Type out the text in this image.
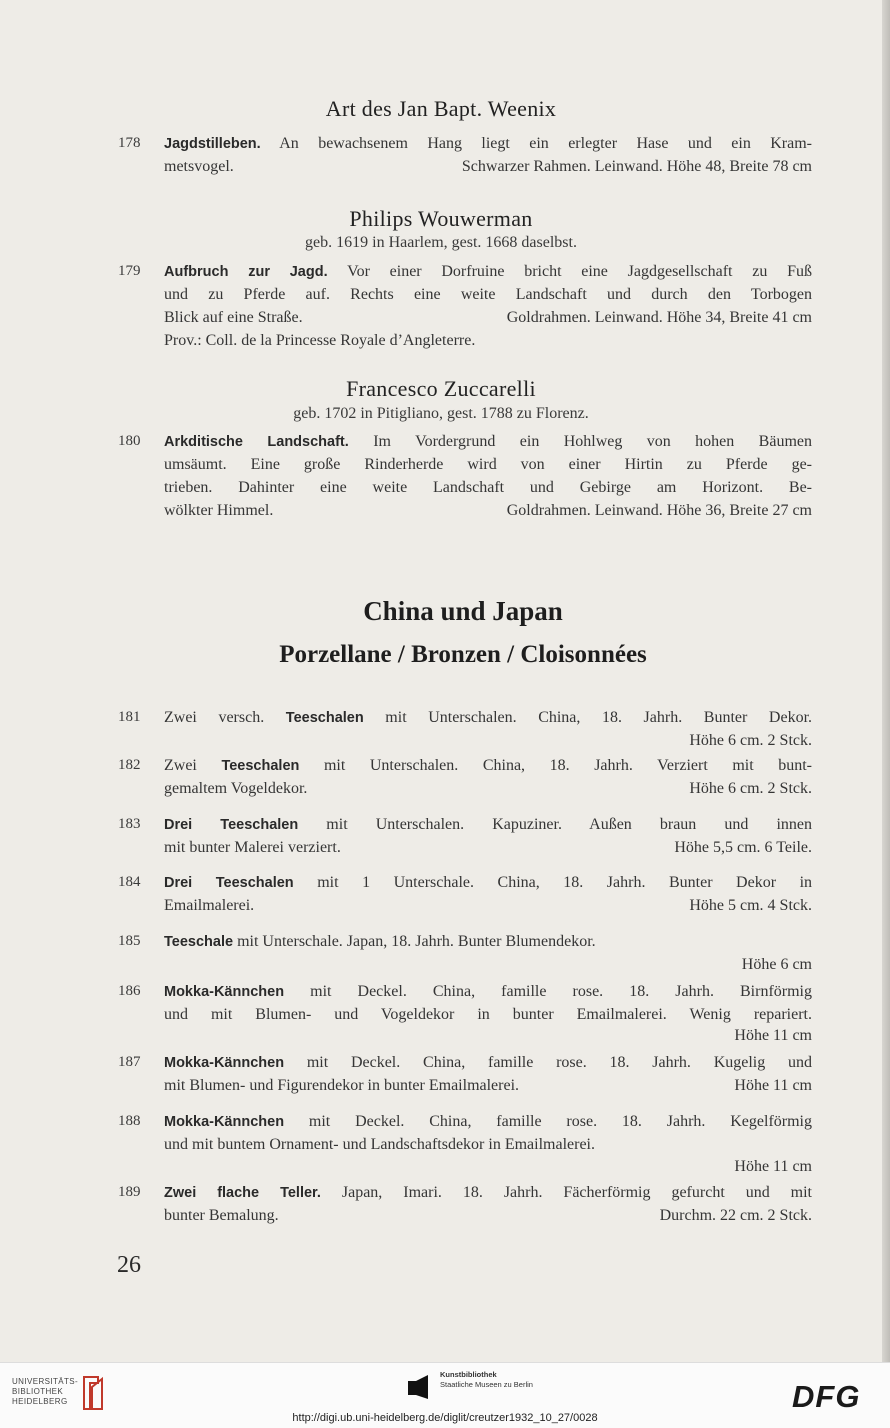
Art des Jan Bapt. Weenix
178 Jagdstilleben. An bewachsenem Hang liegt ein erlegter Hase und ein Kram-
metsvogel.	Schwarzer Rahmen. Leinwand. Höhe 48, Breite 78 cm
Philips Wouwerman
geb. 1619 in Haarlem, gest. 1668 daselbst.
179 Aufbruch zur Jagd. Vor einer Dorfruine bricht eine Jagdgesellschaft zu Fuß
und zu Pferde auf. Rechts eine weite Landschaft und durch den Torbogen
Blick auf eine Straße.	Goldrahmen. Leinwand. Höhe 34, Breite 41 cm
Prov.: Coll. de la Princesse Royale d’Angleterre.
Francesco Zuccarelli
geb. 1702 in Pitigliano, gest. 1788 zu Florenz.
180 Arkditische Landschaft. Im Vordergrund ein Hohlweg von hohen Bäumen
umsäumt. Eine große Rinderherde wird von einer Hirtin zu Pferde ge-
trieben. Dahinter eine weite Landschaft und Gebirge am Horizont. Be-
wölkter Himmel.	Goldrahmen. Leinwand. Höhe 36, Breite 27 cm
China und Japan
Porzellane / Bronzen / Cloisonnées
181 Zwei versch. Teeschalen mit Unterschalen. China, 18. Jahrh. Bunter Dekor.
Höhe 6 cm. 2 Stck.
182 Zwei Teeschalen mit Unterschalen. China, 18. Jahrh. Verziert mit bunt-
gemaltem Vogeldekor.	Höhe 6 cm. 2 Stck.
183 Drei Teeschalen mit Unterschalen. Kapuziner. Außen braun und innen
mit bunter Malerei verziert.	Höhe 5,5 cm. 6 Teile.
184 Drei Teeschalen mit 1 Unterschale. China, 18. Jahrh. Bunter Dekor in
Emailmalerei.	Höhe 5 cm. 4 Stck.
185 Teeschale mit Unterschale. Japan, 18. Jahrh. Bunter Blumendekor.
Höhe 6 cm
186 Mokka-Kännchen mit Deckel. China, famille rose. 18. Jahrh. Birnförmig
und mit Blumen- und Vogeldekor in bunter Emailmalerei. Wenig repariert.
Höhe 11 cm
187 Mokka-Kännchen mit Deckel. China, famille rose. 18. Jahrh. Kugelig und
mit Blumen- und Figurendekor in bunter Emailmalerei.	Höhe 11 cm
188 Mokka-Kännchen mit Deckel. China, famille rose. 18. Jahrh. Kegelförmig
und mit buntem Ornament- und Landschaftsdekor in Emailmalerei.
Höhe 11 cm
189 Zwei flache Teller. Japan, Imari. 18. Jahrh. Fächerförmig gefurcht und mit
bunter Bemalung.	Durchm. 22 cm. 2 Stck.
26
UNIVERSITÄTS-
BIBLIOTHEK
HEIDELBERG
Kunstbibliothek
Staatliche Museen zu Berlin	DFG
http://digi.ub.uni-heidelberg.de/diglit/creutzer1932_10_27/0028
